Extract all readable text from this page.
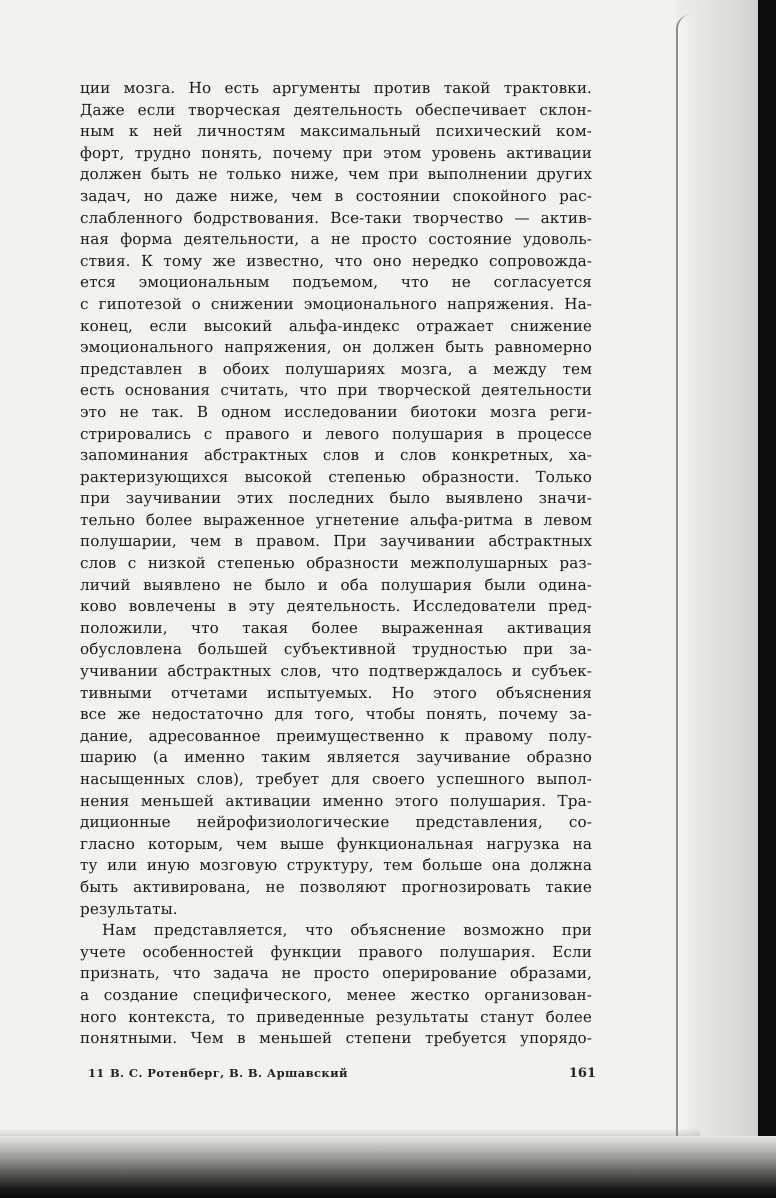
ции мозга. Но есть аргументы против такой трактовки.
Даже если творческая деятельность обеспечивает склон-
ным к ней личностям максимальный психический ком-
форт, трудно понять, почему при этом уровень активации
должен быть не только ниже, чем при выполнении других
задач, но даже ниже, чем в состоянии спокойного рас-
слабленного бодрствования. Все-таки творчество — актив-
ная форма деятельности, а не просто состояние удоволь-
ствия. К тому же известно, что оно нередко сопровожда-
ется эмоциональным подъемом, что не согласуется
с гипотезой о снижении эмоционального напряжения. На-
конец, если высокий альфа-индекс отражает снижение
эмоционального напряжения, он должен быть равномерно
представлен в обоих полушариях мозга, а между тем
есть основания считать, что при творческой деятельности
это не так. В одном исследовании биотоки мозга реги-
стрировались с правого и левого полушария в процессе
запоминания абстрактных слов и слов конкретных, ха-
рактеризующихся высокой степенью образности. Только
при заучивании этих последних было выявлено значи-
тельно более выраженное угнетение альфа-ритма в левом
полушарии, чем в правом. При заучивании абстрактных
слов с низкой степенью образности межполушарных раз-
личий выявлено не было и оба полушария были одина-
ково вовлечены в эту деятельность. Исследователи пред-
положили, что такая более выраженная активация
обусловлена большей субъективной трудностью при за-
учивании абстрактных слов, что подтверждалось и субъек-
тивными отчетами испытуемых. Но этого объяснения
все же недостаточно для того, чтобы понять, почему за-
дание, адресованное преимущественно к правому полу-
шарию (а именно таким является заучивание образно
насыщенных слов), требует для своего успешного выпол-
нения меньшей активации именно этого полушария. Тра-
диционные нейрофизиологические представления, со-
гласно которым, чем выше функциональная нагрузка на
ту или иную мозговую структуру, тем больше она должна
быть активирована, не позволяют прогнозировать такие
результаты.
Нам представляется, что объяснение возможно при
учете особенностей функции правого полушария. Если
признать, что задача не просто оперирование образами,
а создание специфического, менее жестко организован-
ного контекста, то приведенные результаты станут более
понятными. Чем в меньшей степени требуется упорядо-
11 В. С. Ротенберг, В. В. Аршавский	161
